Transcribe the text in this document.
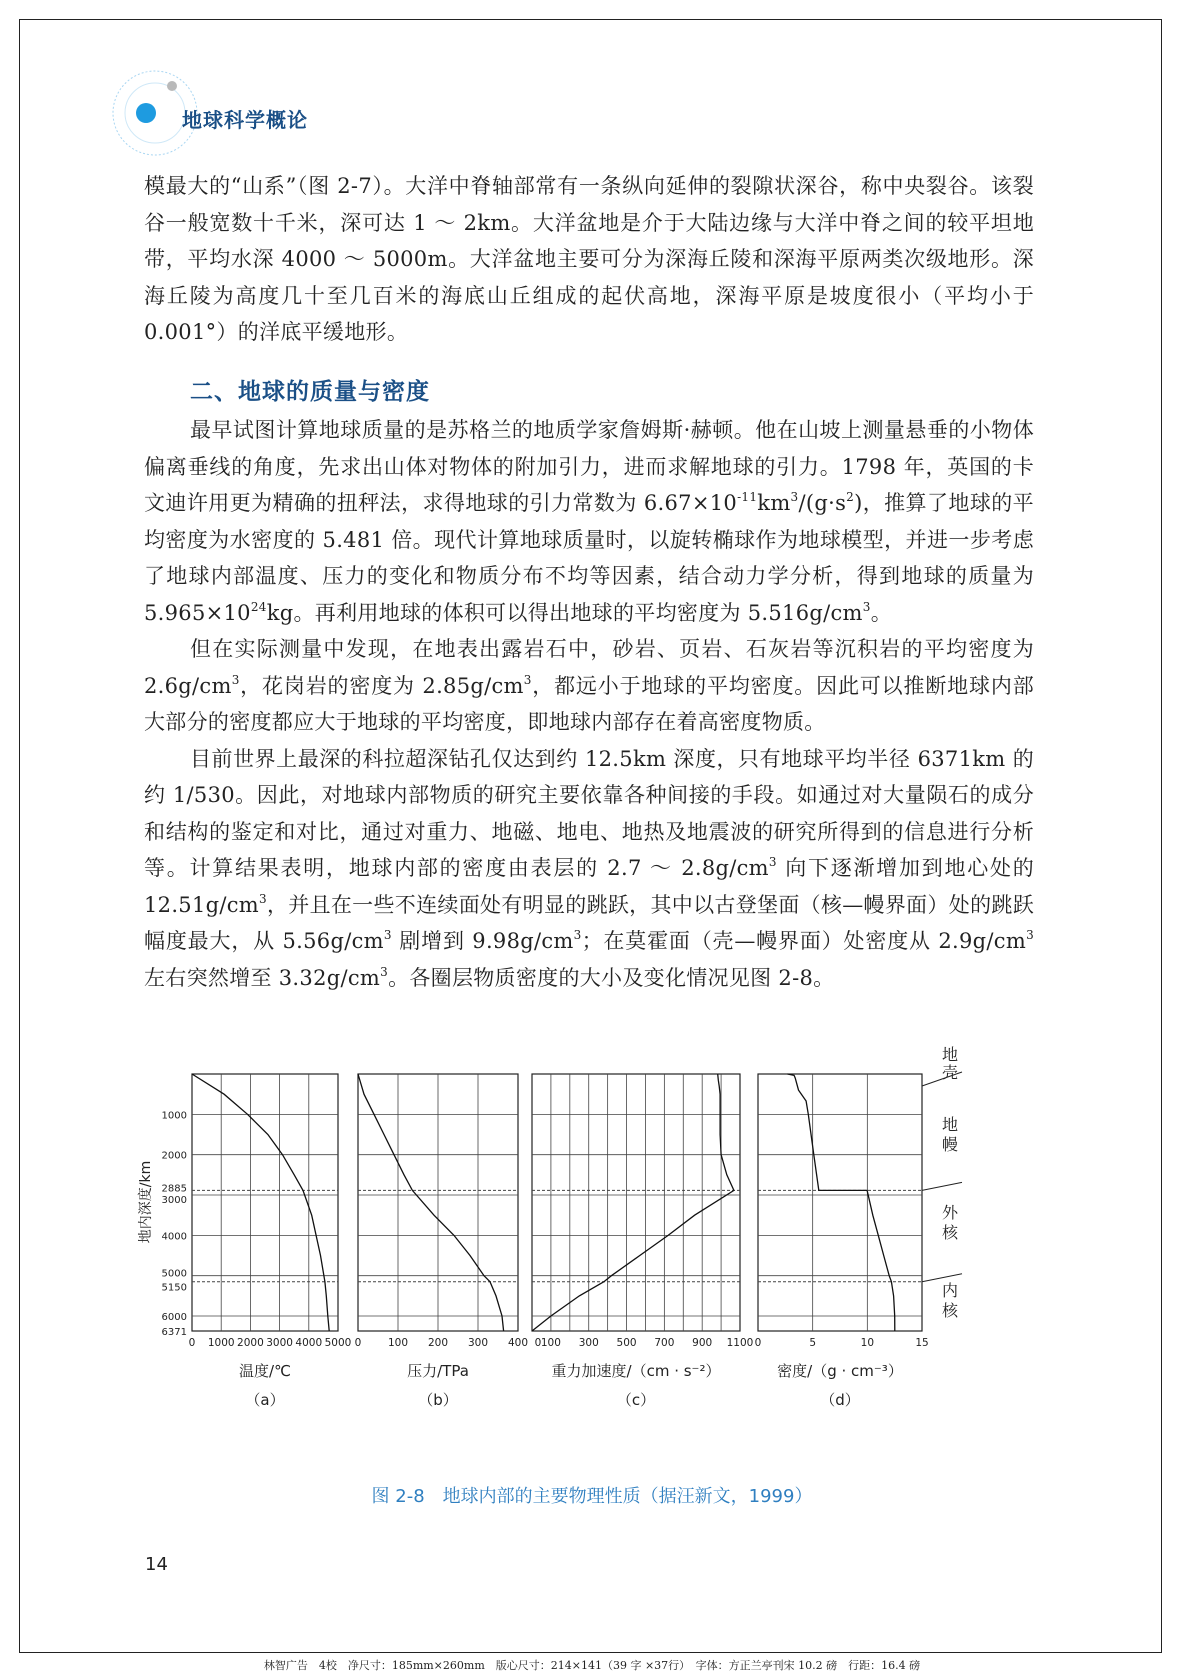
地球科学概论

模最大的“山系”（图 2-7）。大洋中脊轴部常有一条纵向延伸的裂隙状深谷，称中央裂谷。该裂谷一般宽数十千米，深可达 1 ～ 2km。大洋盆地是介于大陆边缘与大洋中脊之间的较平坦地带，平均水深 4000 ～ 5000m。大洋盆地主要可分为深海丘陵和深海平原两类次级地形。深海丘陵为高度几十至几百米的海底山丘组成的起伏高地，深海平原是坡度很小（平均小于 0.001°）的洋底平缓地形。

二、地球的质量与密度

最早试图计算地球质量的是苏格兰的地质学家詹姆斯·赫顿。他在山坡上测量悬垂的小物体偏离垂线的角度，先求出山体对物体的附加引力，进而求解地球的引力。1798 年，英国的卡文迪许用更为精确的扭秤法，求得地球的引力常数为 $6.67\times 10^{-11}km^3/(g\cdot s^2)$，推算了地球的平均密度为水密度的 5.481 倍。现代计算地球质量时，以旋转椭球作为地球模型，并进一步考虑了地球内部温度、压力的变化和物质分布不均等因素，结合动力学分析，得到地球的质量为 $5.965\times 10^{24}kg$。再利用地球的体积可以得出地球的平均密度为 $5.516g/cm^3$。

但在实际测量中发现，在地表出露岩石中，砂岩、页岩、石灰岩等沉积岩的平均密度为 $2.6g/cm^3$，花岗岩的密度为 $2.85g/cm^3$，都远小于地球的平均密度。因此可以推断地球内部大部分的密度都应大于地球的平均密度，即地球内部存在着高密度物质。

目前世界上最深的科拉超深钻孔仅达到约 12.5km 深度，只有地球平均半径 6371km 的约 1/530。因此，对地球内部物质的研究主要依靠各种间接的手段。如通过对大量陨石的成分和结构的鉴定和对比，通过对重力、地磁、地电、地热及地震波的研究所得到的信息进行分析等。计算结果表明，地球内部的密度由表层的 2.7 ～ $2.8g/cm^3$ 向下逐渐增加到地心处的 $12.51g/cm^3$，并且在一些不连续面处有明显的跳跃，其中以古登堡面（核—幔界面）处的跳跃幅度最大，从 $5.56g/cm^3$ 剧增到 $9.98g/cm^3$；在莫霍面（壳—幔界面）处密度从 $2.9g/cm^3$ 左右突然增至 $3.32g/cm^3$。各圈层物质密度的大小及变化情况见图 2-8。

地内深度/km
1000
2000
2885
3000
4000
5000
5150
6000
6371
0 1000 2000 3000 4000 5000
温度/℃
（a）
0	100 200 300 400
压力/TPa
（b）
0 100 300 500 700 900 1100
重力加速度/（cm · s⁻²）
（c）
0	5	10	15
密度/（g · cm⁻³）
（d）
地
壳
地
幔
外
核
内
核
图 2-8　地球内部的主要物理性质（据汪新文，1999）
14
林智广告　4校　净尺寸：185mm×260mm　版心尺寸：214×141（39 字 ×37行）　字体：方正兰亭刊宋 10.2 磅　行距：16.4 磅
